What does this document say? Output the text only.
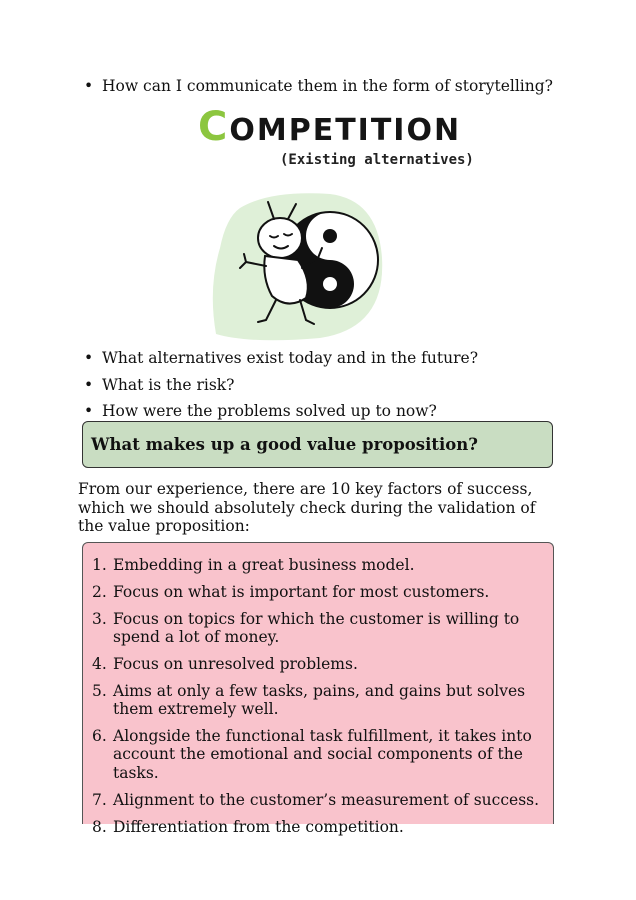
• How can I communicate them in the form of storytelling?
COMPETITION
(Existing alternatives)
• What alternatives exist today and in the future?
• What is the risk?
• How were the problems solved up to now?
What makes up a good value proposition?

From our experience, there are 10 key factors of success, which we should absolutely check during the validation of the value proposition:

1. Embedding in a great business model.
2. Focus on what is important for most customers.
3. Focus on topics for which the customer is willing to spend a lot of money.
4. Focus on unresolved problems.
5. Aims at only a few tasks, pains, and gains but solves them extremely well.
6. Alongside the functional task fulfillment, it takes into account the emotional and social components of the tasks.
7. Alignment to the customer’s measurement of success.
8. Differentiation from the competition.
